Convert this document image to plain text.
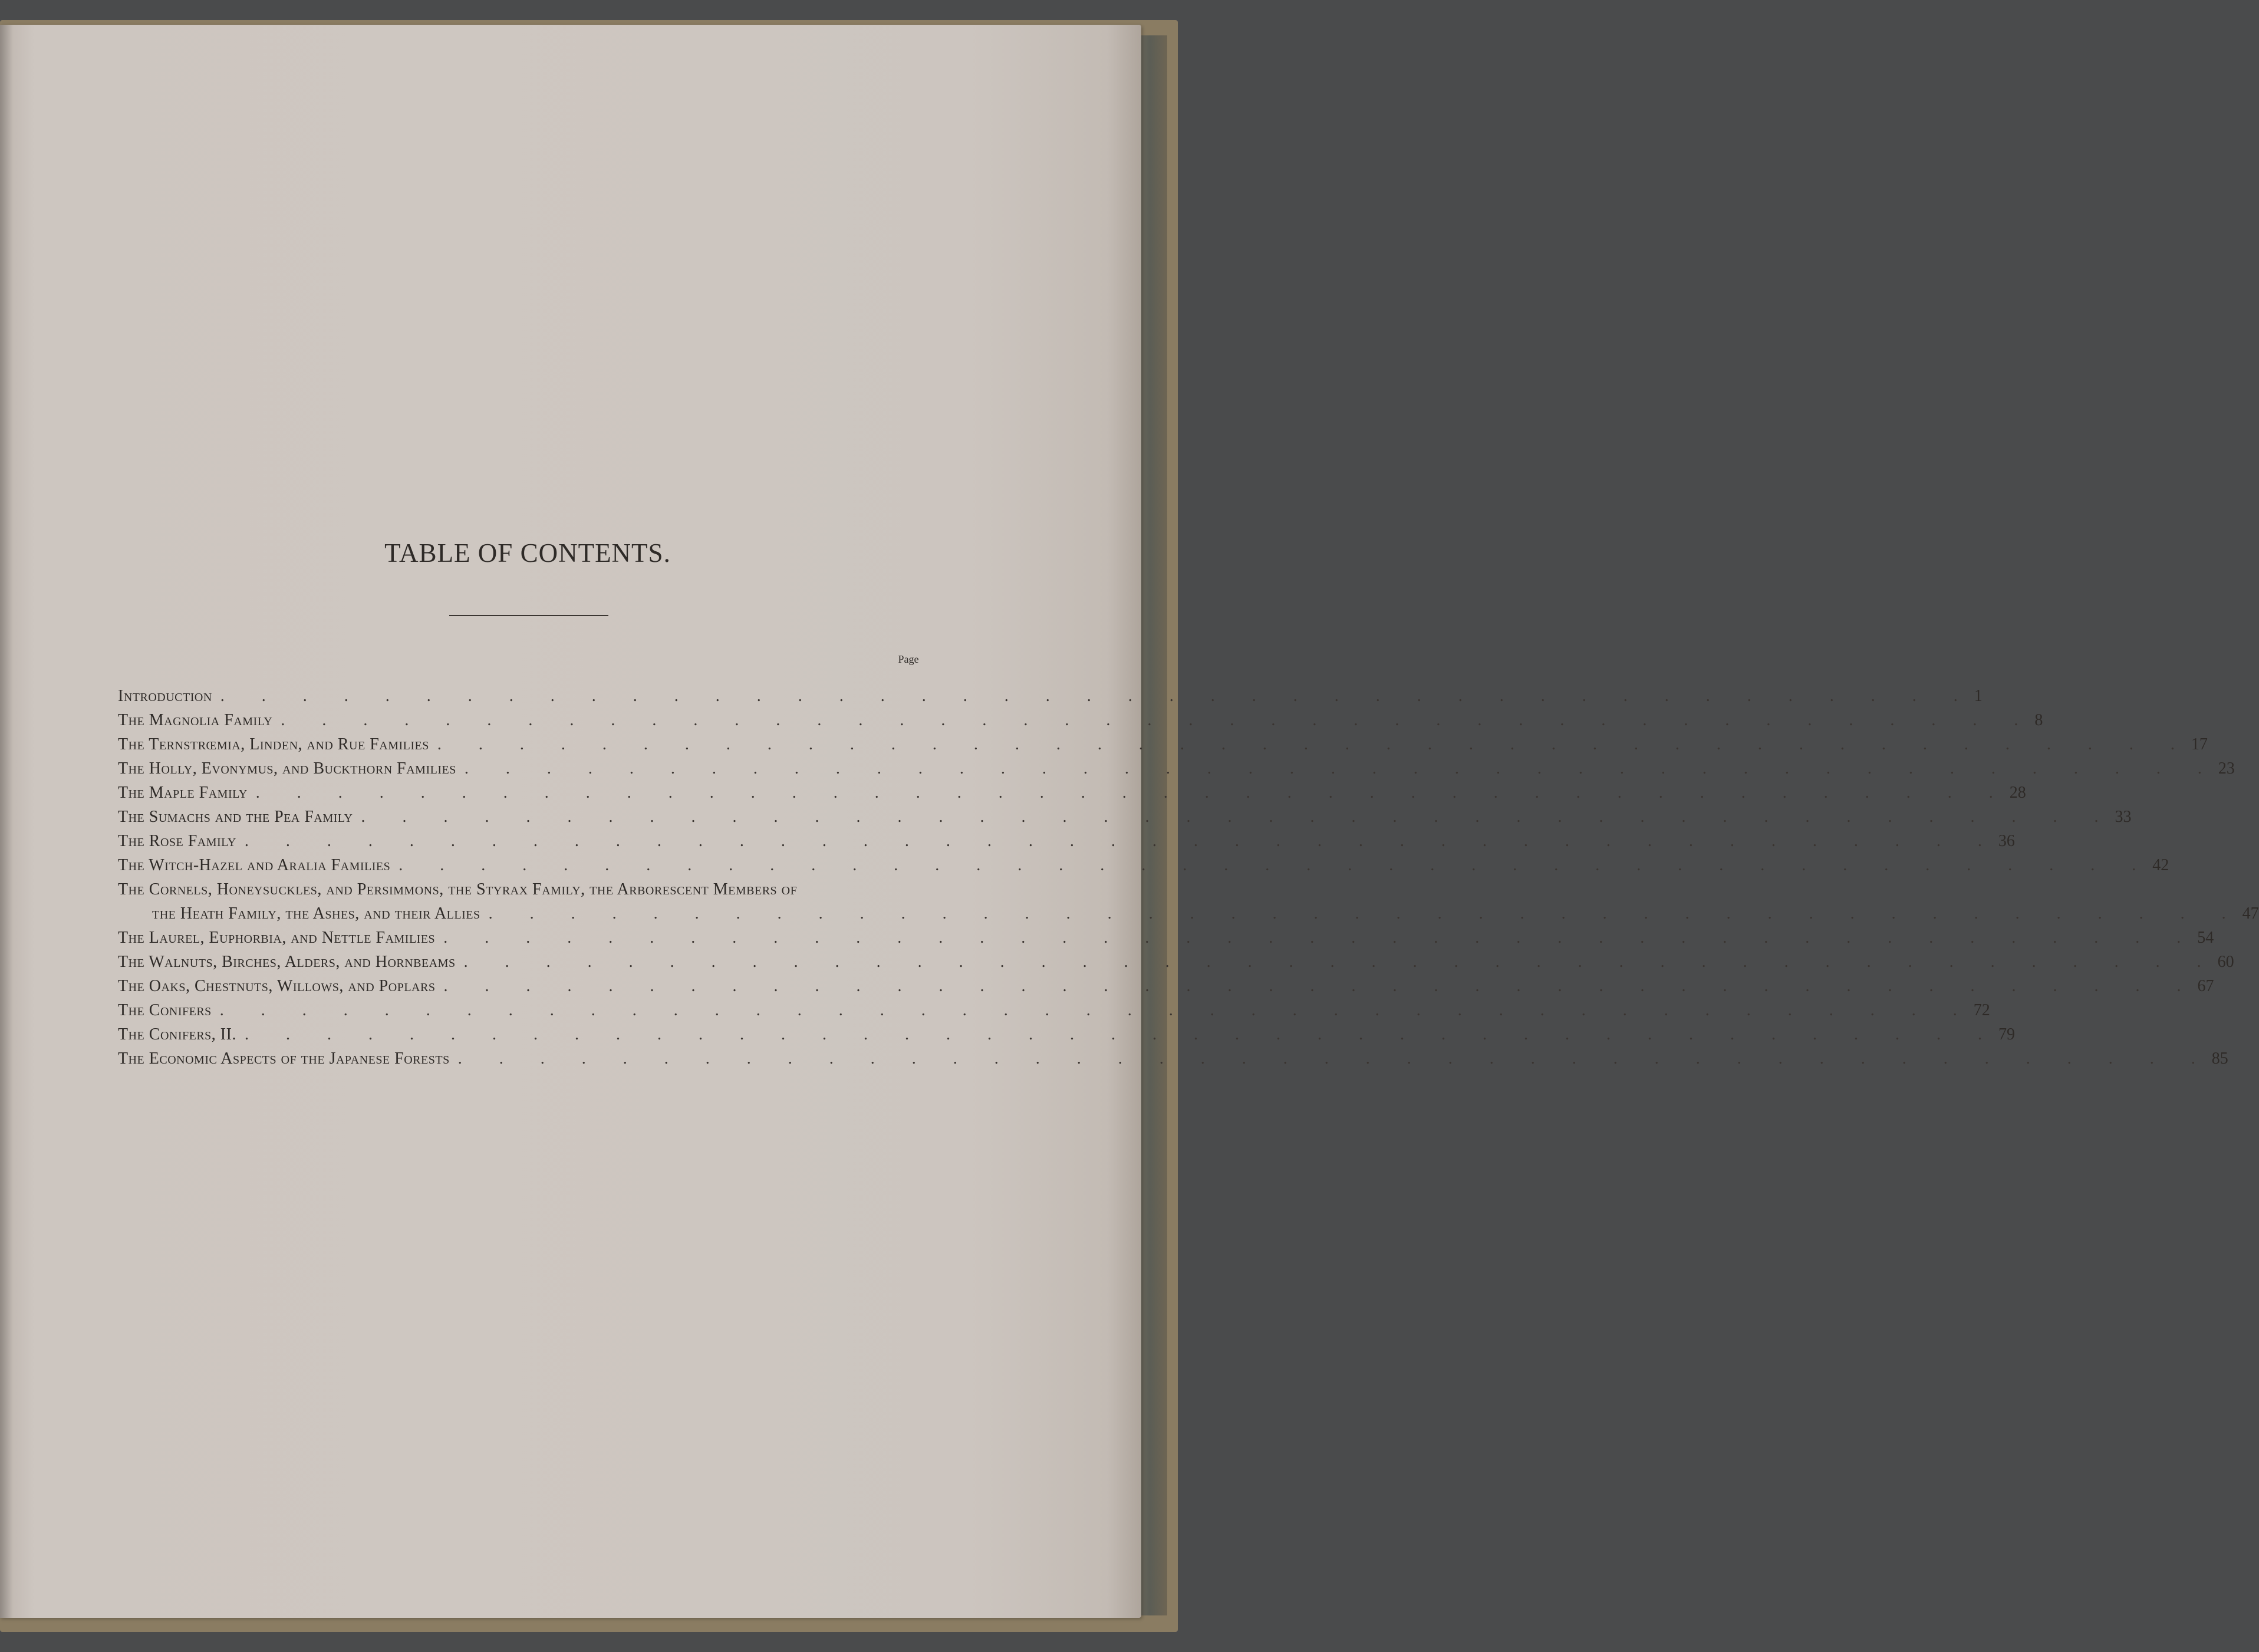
TABLE OF CONTENTS.
Page
Introduction . . . . . . . . . . . . . . . . . . . . . . . . . . . . . . . . . . . . . . . . . . . 1
The Magnolia Family . . . . . . . . . . . . . . . . . . . . . . . . . . . . . . . . . . . . . . . . . . . 8
The Ternstrœmia, Linden, and Rue Families . . . . . . . . . . . . . . . . . . . . . . . . . . . . . . . . . . . . . . . . . . . 17
The Holly, Evonymus, and Buckthorn Families . . . . . . . . . . . . . . . . . . . . . . . . . . . . . . . . . . . . . . . . . . . 23
The Maple Family . . . . . . . . . . . . . . . . . . . . . . . . . . . . . . . . . . . . . . . . . . . 28
The Sumachs and the Pea Family . . . . . . . . . . . . . . . . . . . . . . . . . . . . . . . . . . . . . . . . . . . 33
The Rose Family . . . . . . . . . . . . . . . . . . . . . . . . . . . . . . . . . . . . . . . . . . . 36
The Witch-Hazel and Aralia Families . . . . . . . . . . . . . . . . . . . . . . . . . . . . . . . . . . . . . . . . . . . 42
The Cornels, Honeysuckles, and Persimmons, the Styrax Family, the Arborescent Members of
the Heath Family, the Ashes, and their Allies . . . . . . . . . . . . . . . . . . . . . . . . . . . . . . . . . . . . . . . . . . . 47
The Laurel, Euphorbia, and Nettle Families . . . . . . . . . . . . . . . . . . . . . . . . . . . . . . . . . . . . . . . . . . . 54
The Walnuts, Birches, Alders, and Hornbeams . . . . . . . . . . . . . . . . . . . . . . . . . . . . . . . . . . . . . . . . . . . 60
The Oaks, Chestnuts, Willows, and Poplars . . . . . . . . . . . . . . . . . . . . . . . . . . . . . . . . . . . . . . . . . . . 67
The Conifers . . . . . . . . . . . . . . . . . . . . . . . . . . . . . . . . . . . . . . . . . . . 72
The Conifers, II. . . . . . . . . . . . . . . . . . . . . . . . . . . . . . . . . . . . . . . . . . . . 79
The Economic Aspects of the Japanese Forests . . . . . . . . . . . . . . . . . . . . . . . . . . . . . . . . . . . . . . . . . . . 85
